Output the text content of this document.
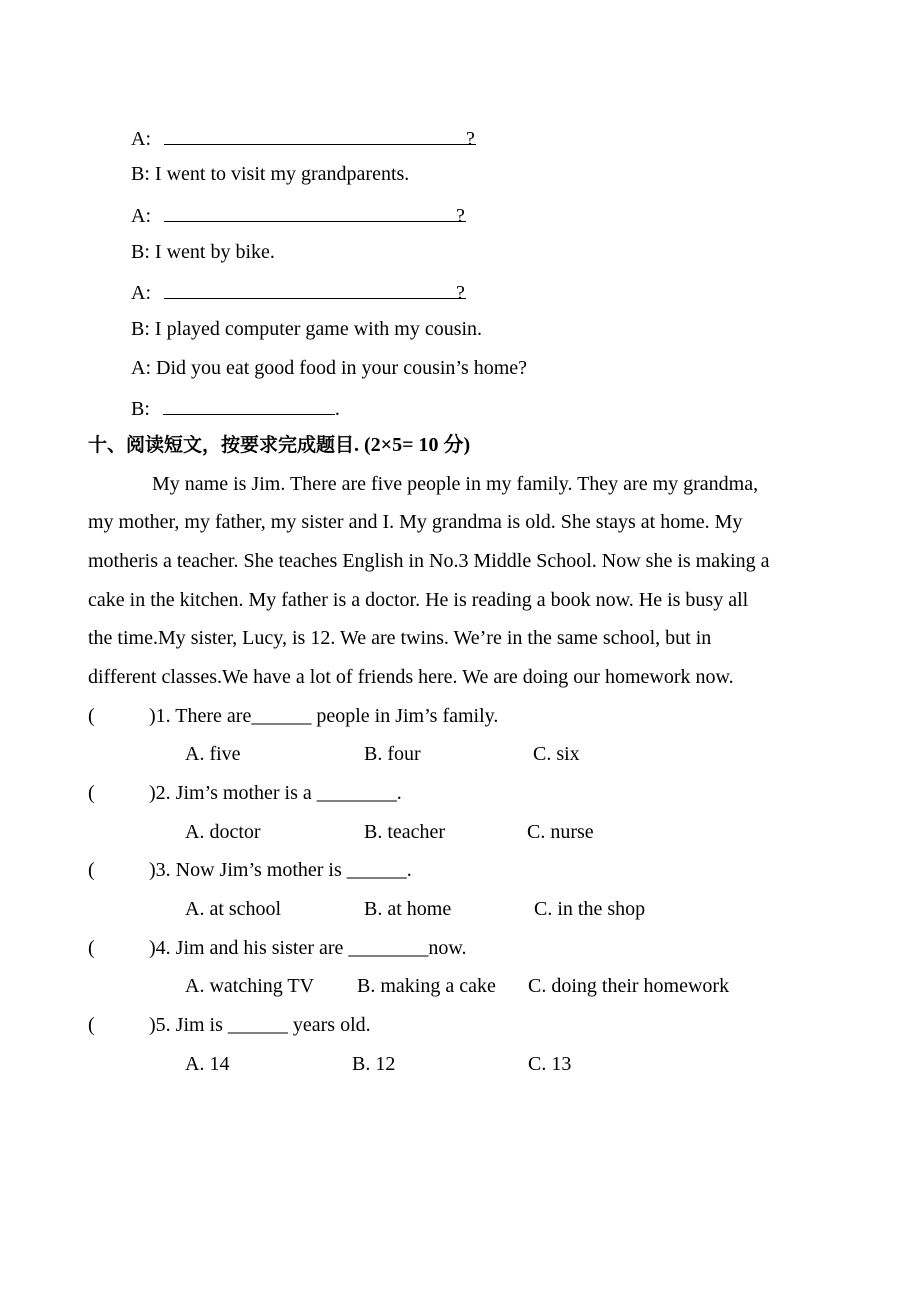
A:	?
B: I went to visit my grandparents.
A:	?
B: I went by bike.
A:	?
B: I played computer game with my cousin.
A: Did you eat good food in your cousin’s home?
B:	.
十、阅读短文，按要求完成题目. (2×5= 10 分)
My name is Jim. There are five people in my family. They are my grandma,
my mother, my father, my sister and I. My grandma is old. She stays at home. My
motheris a teacher. She teaches English in No.3 Middle School. Now she is making a
cake in the kitchen. My father is a doctor. He is reading a book now. He is busy all
the time.My sister, Lucy, is 12. We are twins. We’re in the same school, but in
different classes.We have a lot of friends here. We are doing our homework now.
(	)1. There are______ people in Jim’s family.
A. five	B. four	C. six
(	)2. Jim’s mother is a ________.
A. doctor	B. teacher	C. nurse
(	)3. Now Jim’s mother is ______.
A. at school	B. at home	C. in the shop
(	)4. Jim and his sister are ________now.
A. watching TV B. making a cake C. doing their homework
(	)5. Jim is ______ years old.
A. 14	B. 12	C. 13
